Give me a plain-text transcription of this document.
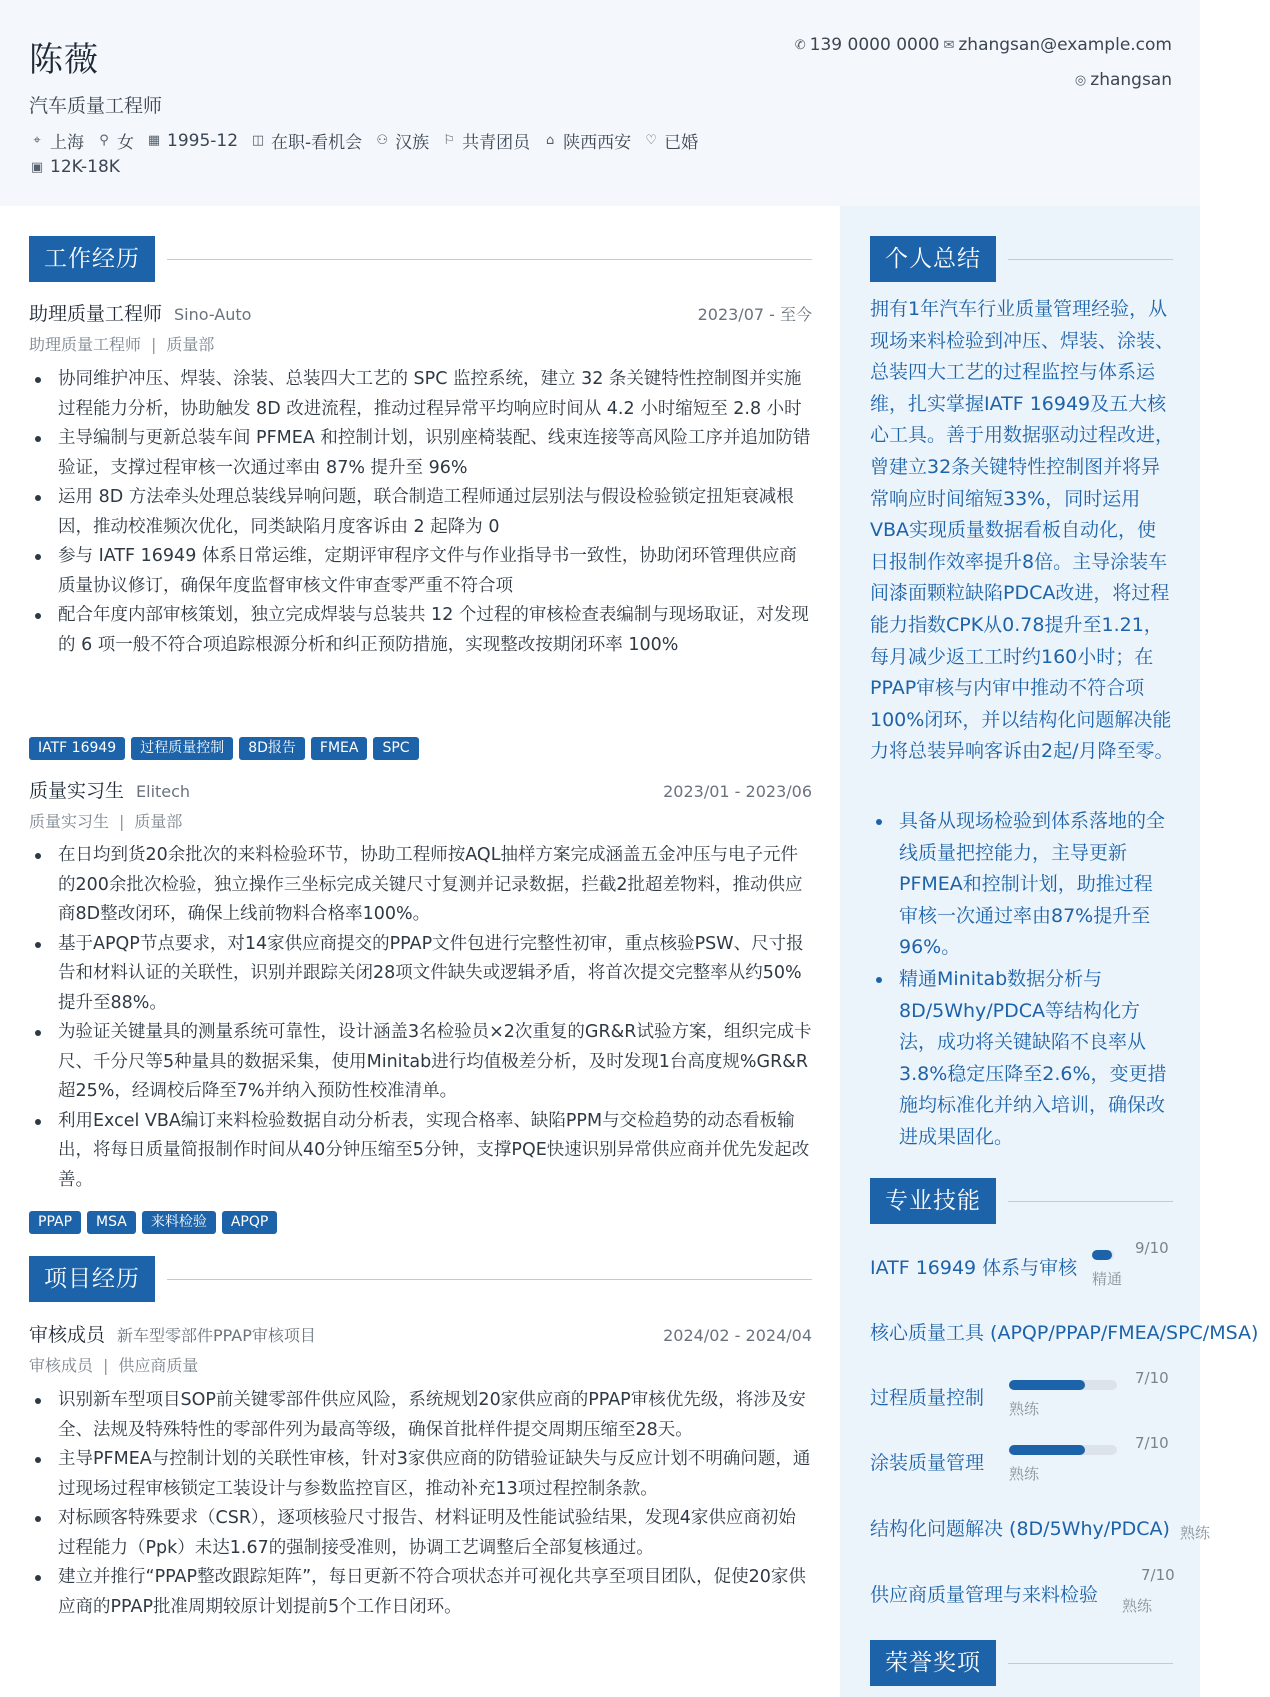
陈薇
汽车质量工程师
⌖ 上海 ⚲ 女 ▦ 1995-12 ◫ 在职-看机会 ⚇ 汉族 ⚐ 共青团员 ⌂ 陕西西安 ♡ 已婚
▣ 12K-18K
✆ 139 0000 0000 ✉ zhangsan@example.com
◎ zhangsan
工作经历
助理质量工程师 Sino-Auto	2023/07 - 至今
助理质量工程师 | 质量部
协同维护冲压、焊装、涂装、总装四大工艺的 SPC 监控系统，建立 32 条关键特性控制图并实施过程能力分析，协助触发 8D 改进流程，推动过程异常平均响应时间从 4.2 小时缩短至 2.8 小时
主导编制与更新总装车间 PFMEA 和控制计划，识别座椅装配、线束连接等高风险工序并追加防错验证，支撑过程审核一次通过率由 87% 提升至 96%
运用 8D 方法牵头处理总装线异响问题，联合制造工程师通过层别法与假设检验锁定扭矩衰减根因，推动校准频次优化，同类缺陷月度客诉由 2 起降为 0
参与 IATF 16949 体系日常运维，定期评审程序文件与作业指导书一致性，协助闭环管理供应商质量协议修订，确保年度监督审核文件审查零严重不符合项
配合年度内部审核策划，独立完成焊装与总装共 12 个过程的审核检查表编制与现场取证，对发现的 6 项一般不符合项追踪根源分析和纠正预防措施，实现整改按期闭环率 100%
IATF 16949	过程质量控制	8D报告	FMEA	SPC
质量实习生 Elitech	2023/01 - 2023/06
质量实习生 | 质量部
在日均到货20余批次的来料检验环节，协助工程师按AQL抽样方案完成涵盖五金冲压与电子元件的200余批次检验，独立操作三坐标完成关键尺寸复测并记录数据，拦截2批超差物料，推动供应商8D整改闭环，确保上线前物料合格率100%。
基于APQP节点要求，对14家供应商提交的PPAP文件包进行完整性初审，重点核验PSW、尺寸报告和材料认证的关联性，识别并跟踪关闭28项文件缺失或逻辑矛盾，将首次提交完整率从约50%提升至88%。
为验证关键量具的测量系统可靠性，设计涵盖3名检验员×2次重复的GR&R试验方案，组织完成卡尺、千分尺等5种量具的数据采集，使用Minitab进行均值极差分析，及时发现1台高度规%GR&R超25%，经调校后降至7%并纳入预防性校准清单。
利用Excel VBA编订来料检验数据自动分析表，实现合格率、缺陷PPM与交检趋势的动态看板输出，将每日质量简报制作时间从40分钟压缩至5分钟，支撑PQE快速识别异常供应商并优先发起改善。
PPAP	MSA	来料检验	APQP
项目经历
审核成员 新车型零部件PPAP审核项目	2024/02 - 2024/04
审核成员 | 供应商质量
识别新车型项目SOP前关键零部件供应风险，系统规划20家供应商的PPAP审核优先级，将涉及安全、法规及特殊特性的零部件列为最高等级，确保首批样件提交周期压缩至28天。
主导PFMEA与控制计划的关联性审核，针对3家供应商的防错验证缺失与反应计划不明确问题，通过现场过程审核锁定工装设计与参数监控盲区，推动补充13项过程控制条款。
对标顾客特殊要求（CSR），逐项核验尺寸报告、材料证明及性能试验结果，发现4家供应商初始过程能力（Ppk）未达1.67的强制接受准则，协调工艺调整后全部复核通过。
建立并推行“PPAP整改跟踪矩阵”，每日更新不符合项状态并可视化共享至项目团队，促使20家供应商的PPAP批准周期较原计划提前5个工作日闭环。
个人总结
拥有1年汽车行业质量管理经验，从现场来料检验到冲压、焊装、涂装、总装四大工艺的过程监控与体系运维，扎实掌握IATF 16949及五大核心工具。善于用数据驱动过程改进，曾建立32条关键特性控制图并将异常响应时间缩短33%，同时运用VBA实现质量数据看板自动化，使日报制作效率提升8倍。主导涂装车间漆面颗粒缺陷PDCA改进，将过程能力指数CPK从0.78提升至1.21，每月减少返工工时约160小时；在PPAP审核与内审中推动不符合项100%闭环，并以结构化问题解决能力将总装异响客诉由2起/月降至零。
具备从现场检验到体系落地的全线质量把控能力，主导更新PFMEA和控制计划，助推过程审核一次通过率由87%提升至96%。
精通Minitab数据分析与8D/5Why/PDCA等结构化方法，成功将关键缺陷不良率从3.8%稳定压降至2.6%，变更措施均标准化并纳入培训，确保改进成果固化。
专业技能
IATF 16949 体系与审核
9/10
精通
核心质量工具 (APQP/PPAP/FMEA/SPC/MSA)
过程质量控制
7/10
熟练
涂装质量管理
7/10
熟练
结构化问题解决 (8D/5Why/PDCA) 熟练
供应商质量管理与来料检验
7/10
熟练
荣誉奖项
